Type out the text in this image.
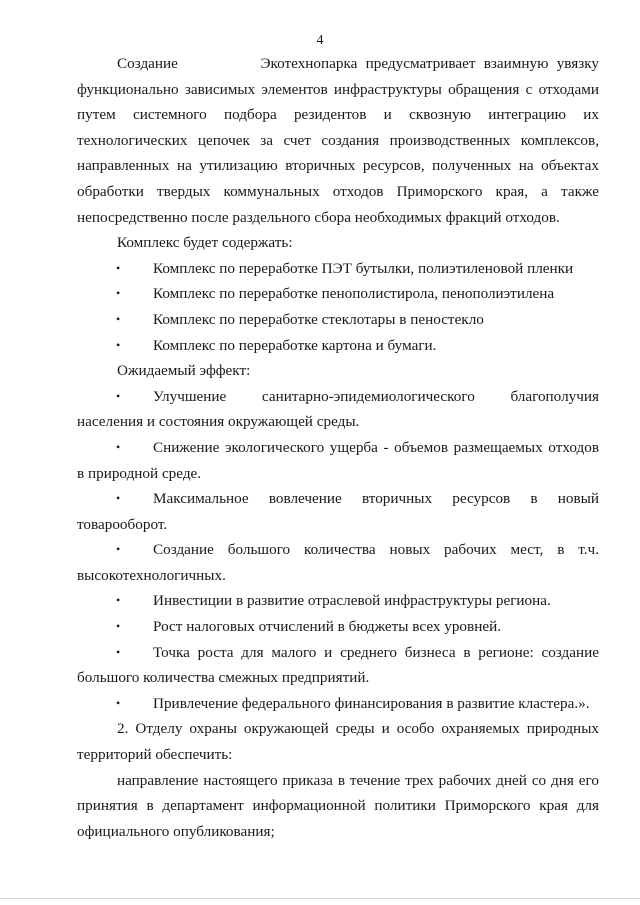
4

Создание          Экотехнопарка предусматривает взаимную увязку

функционально зависимых элементов инфраструктуры обращения с отходами

путем системного подбора резидентов и сквозную интеграцию их

технологических цепочек за счет создания производственных комплексов,

направленных на утилизацию вторичных ресурсов, полученных на объектах

обработки твердых коммунальных отходов Приморского края, а также

непосредственно после раздельного сбора необходимых фракций отходов.

Комплекс будет содержать:

• Комплекс по переработке ПЭТ бутылки, полиэтиленовой пленки

• Комплекс по переработке пенополистирола, пенополиэтилена

• Комплекс по переработке стеклотары в пеностекло

• Комплекс по переработке картона и бумаги.

Ожидаемый эффект:

•	Улучшение санитарно-эпидемиологического благополучия

населения и состояния окружающей среды.

•	Снижение экологического ущерба - объемов размещаемых отходов

в природной среде.

•	Максимальное вовлечение вторичных ресурсов в новый

товарооборот.

•	Создание большого количества новых рабочих мест, в т.ч.

высокотехнологичных.

•	Инвестиции в развитие отраслевой инфраструктуры региона.

•	Рост налоговых отчислений в бюджеты всех уровней.

•	Точка роста для малого и среднего бизнеса в регионе: создание

большого количества смежных предприятий.

•	Привлечение федерального финансирования в развитие кластера.».

2. Отделу охраны окружающей среды и особо охраняемых природных

территорий обеспечить:

направление настоящего приказа в течение трех рабочих дней со дня его

принятия в департамент информационной политики Приморского края для

официального опубликования;
